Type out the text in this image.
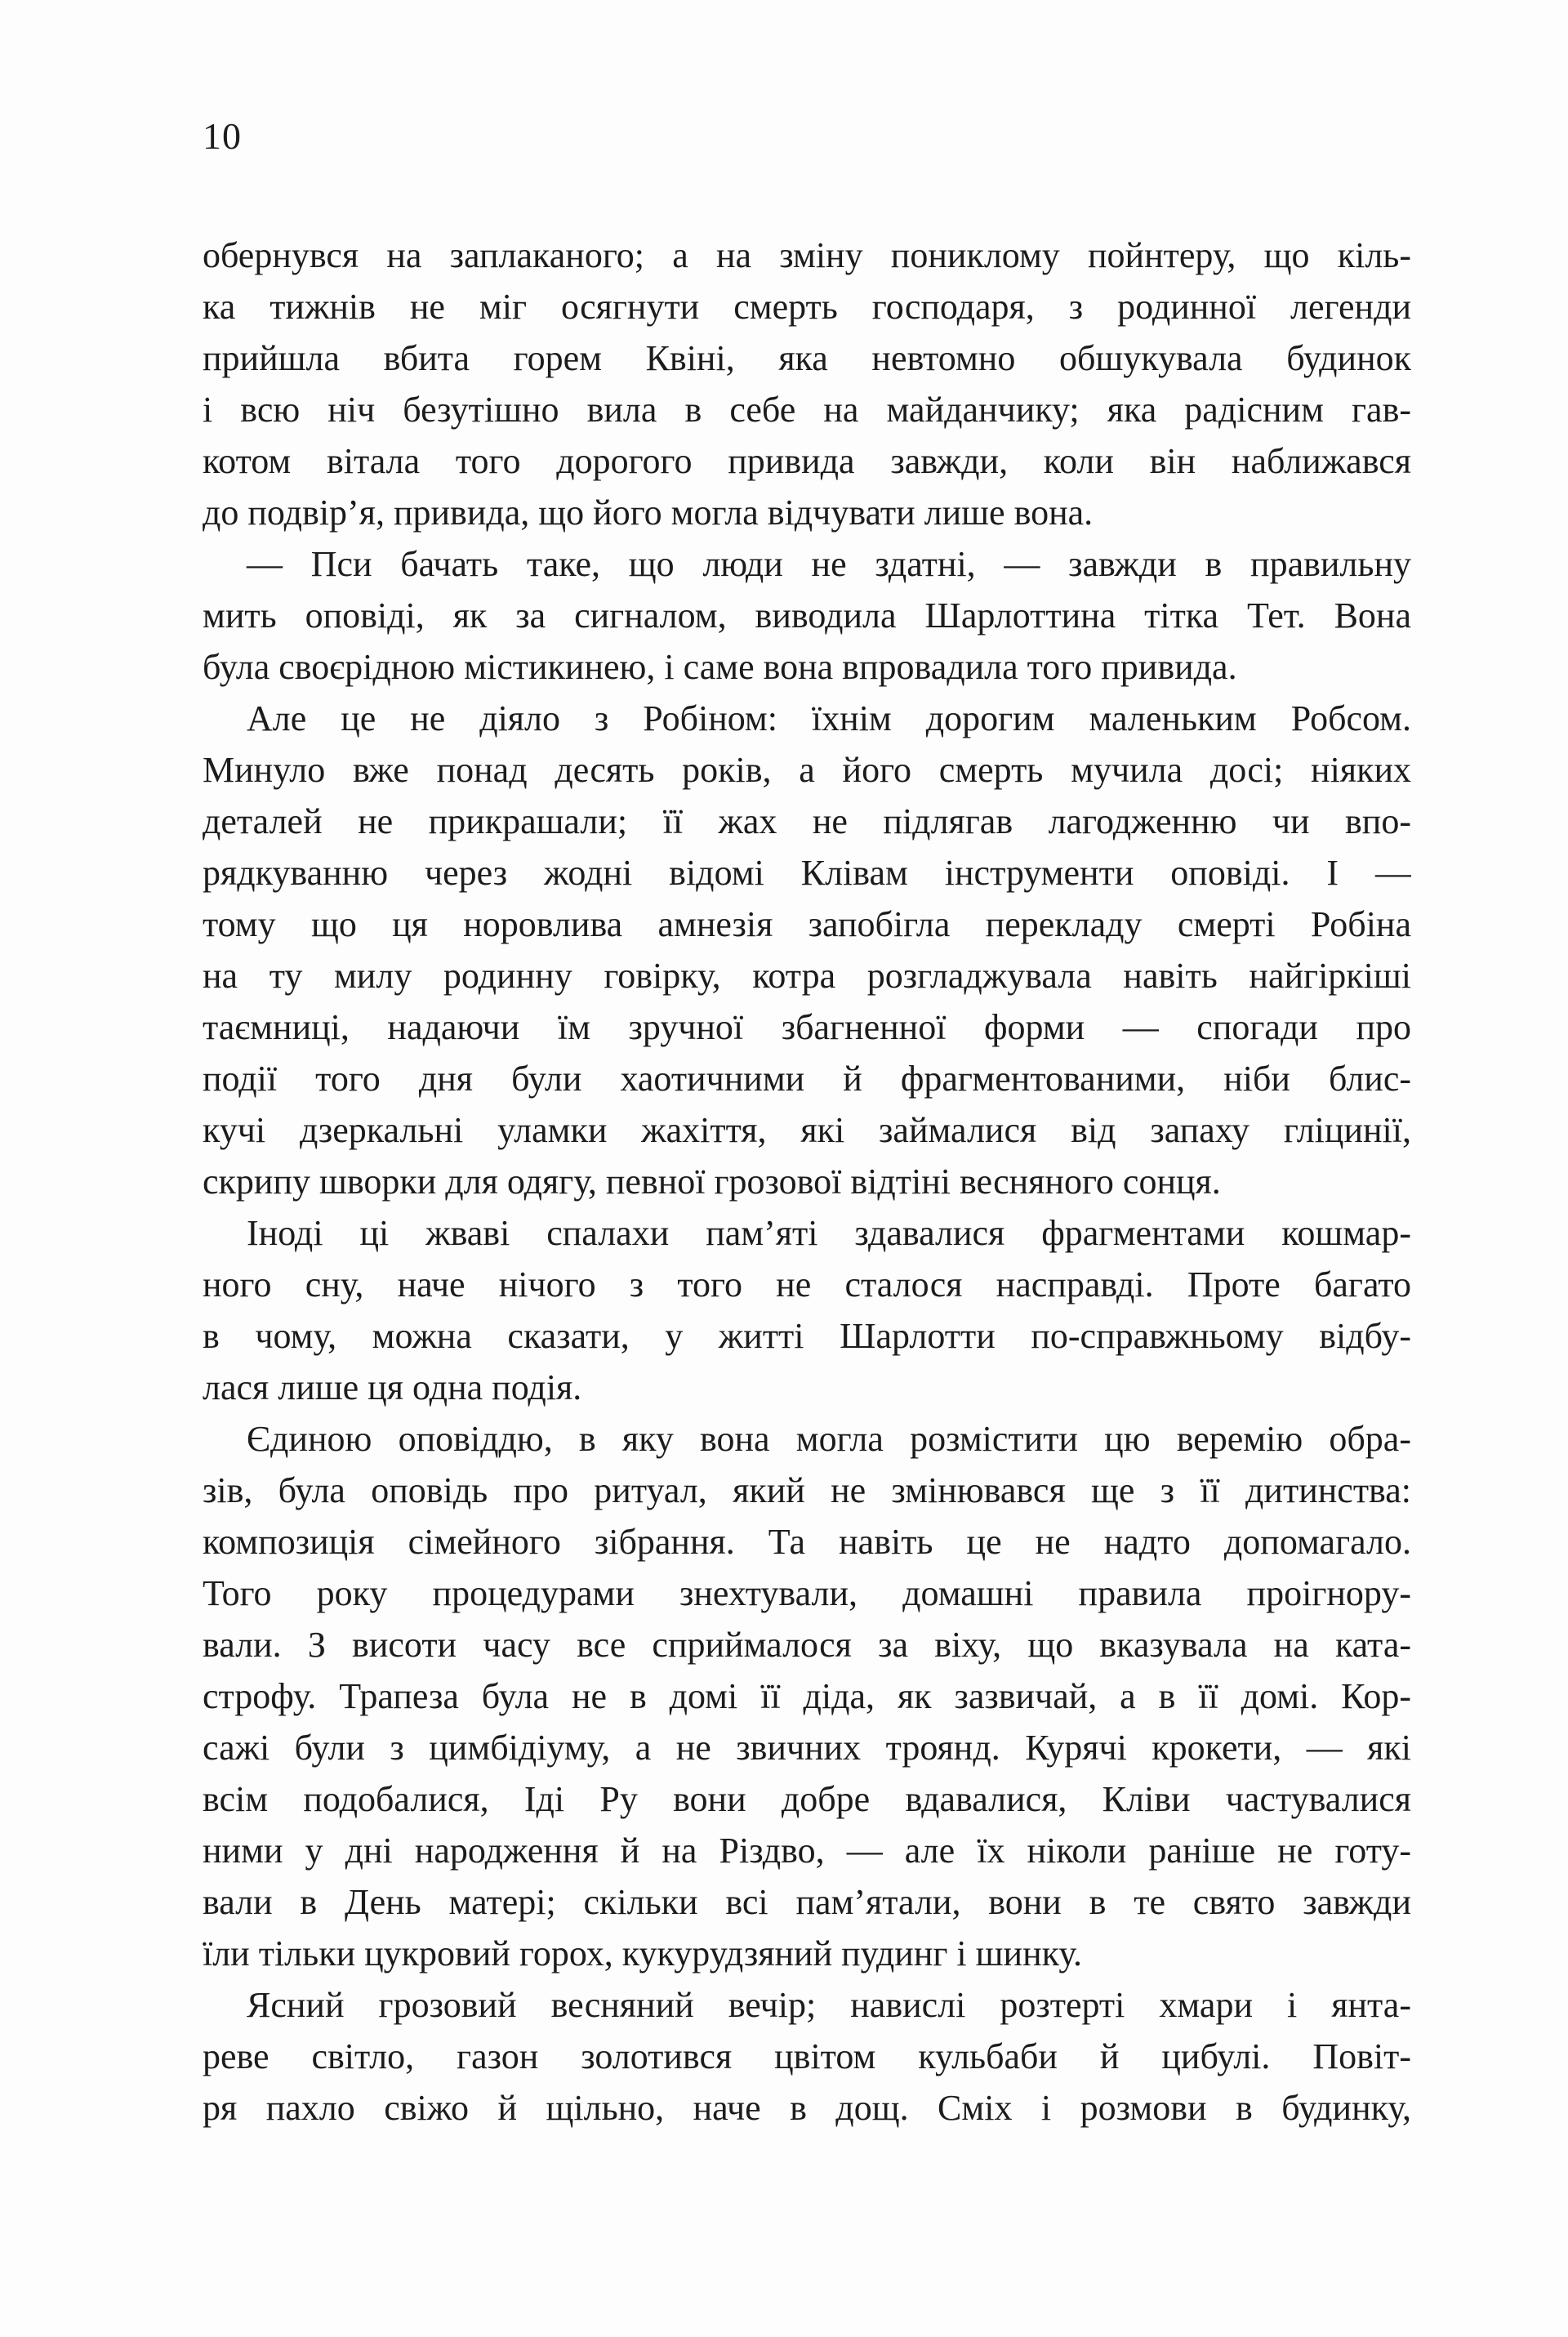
10
обернувся на заплаканого; а на зміну пониклому пойнтеру, що кіль-
ка тижнів не міг осягнути смерть господаря, з родинної легенди
прийшла вбита горем Квіні, яка невтомно обшукувала будинок
і всю ніч безутішно вила в себе на майданчику; яка радісним гав-
котом вітала того дорогого привида завжди, коли він наближався
до подвір’я, привида, що його могла відчувати лише вона.
— Пси бачать таке, що люди не здатні, — завжди в правильну
мить оповіді, як за сигналом, виводила Шарлоттина тітка Тет. Вона
була своєрідною містикинею, і саме вона впровадила того привида.
Але це не діяло з Робіном: їхнім дорогим маленьким Робсом.
Минуло вже понад десять років, а його смерть мучила досі; ніяких
деталей не прикрашали; її жах не підлягав лагодженню чи впо-
рядкуванню через жодні відомі Клівам інструменти оповіді. І —
тому що ця норовлива амнезія запобігла перекладу смерті Робіна
на ту милу родинну говірку, котра розгладжувала навіть найгіркіші
таємниці, надаючи їм зручної збагненної форми — спогади про
події того дня були хаотичними й фрагментованими, ніби блис-
кучі дзеркальні уламки жахіття, які займалися від запаху гліцинії,
скрипу шворки для одягу, певної грозової відтіні весняного сонця.
Іноді ці жваві спалахи пам’яті здавалися фрагментами кошмар-
ного сну, наче нічого з того не сталося насправді. Проте багато
в чому, можна сказати, у житті Шарлотти по-справжньому відбу-
лася лише ця одна подія.
Єдиною оповіддю, в яку вона могла розмістити цю веремію обра-
зів, була оповідь про ритуал, який не змінювався ще з її дитинства:
композиція сімейного зібрання. Та навіть це не надто допомагало.
Того року процедурами знехтували, домашні правила проігнору-
вали. З висоти часу все сприймалося за віху, що вказувала на ката-
строфу. Трапеза була не в домі її діда, як зазвичай, а в її домі. Кор-
сажі були з цимбідіуму, а не звичних троянд. Курячі крокети, — які
всім подобалися, Іді Ру вони добре вдавалися, Кліви частувалися
ними у дні народження й на Різдво, — але їх ніколи раніше не готу-
вали в День матері; скільки всі пам’ятали, вони в те свято завжди
їли тільки цукровий горох, кукурудзяний пудинг і шинку.
Ясний грозовий весняний вечір; навислі розтерті хмари і янта-
реве світло, газон золотився цвітом кульбаби й цибулі. Повіт-
ря пахло свіжо й щільно, наче в дощ. Сміх і розмови в будинку,
